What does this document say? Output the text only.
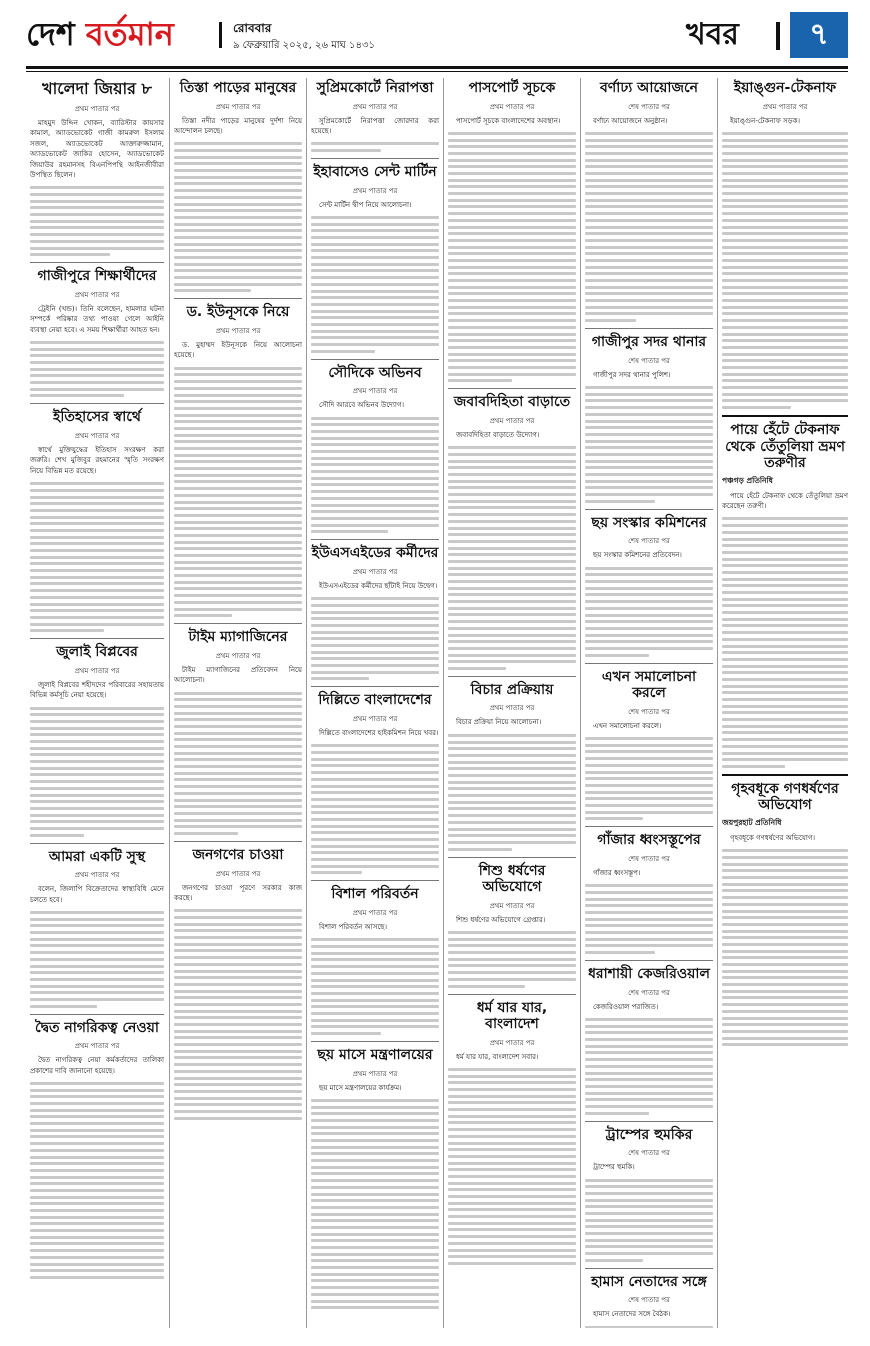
দেশ বর্তমান	রোববার
৯ ফেব্রুয়ারি ২০২৫, ২৬ মাঘ ১৪৩১	খবর	৭
খালেদা জিয়ার ৮
প্রথম পাতার পর

মাহমুদ উদ্দিন খোকন, ব্যারিস্টার কায়সার কামাল, অ্যাডভোকেট গাজী কামরুল ইসলাম সজল, অ্যাডভোকেট আক্তারুজ্জামান, অ্যাডভোকেট জাকির হোসেন, অ্যাডভোকেট জিয়াউর রহমানসহ বিএনপিপন্থি আইনজীবীরা উপস্থিত ছিলেন।

গাজীপুরে শিক্ষার্থীদের
প্রথম পাতার পর

ট্রেইনি (খন্ড)। তিনি বলেছেন, হামলার ঘটনা সম্পর্কে পরিষ্কার তথ্য পাওয়া গেলে আইনি ব্যবস্থা নেয়া হবে। এ সময় শিক্ষার্থীরা আহত হন।

ইতিহাসের স্বার্থে
প্রথম পাতার পর

স্বার্থে মুক্তিযুদ্ধের ইতিহাস সংরক্ষণ করা জরুরি। শেখ মুজিবুর রহমানের স্মৃতি সংরক্ষণ নিয়ে বিভিন্ন মত রয়েছে।

জুলাই বিপ্লবের
প্রথম পাতার পর

জুলাই বিপ্লবের শহীদদের পরিবারের সহায়তায় বিভিন্ন কর্মসূচি নেয়া হয়েছে।

আমরা একটি সুস্থ
প্রথম পাতার পর

বলেন, জিলাপি বিক্রেতাদের স্বাস্থ্যবিধি মেনে চলতে হবে।

দ্বৈত নাগরিকত্ব নেওয়া
প্রথম পাতার পর

দ্বৈত নাগরিকত্ব নেয়া কর্মকর্তাদের তালিকা প্রকাশের দাবি জানানো হয়েছে।

তিস্তা পাড়ের মানুষের
প্রথম পাতার পর

তিস্তা নদীর পাড়ের মানুষের দুর্দশা নিয়ে আন্দোলন চলছে।

ড. ইউনূসকে নিয়ে
প্রথম পাতার পর

ড. মুহাম্মদ ইউনূসকে নিয়ে আলোচনা হয়েছে।

টাইম ম্যাগাজিনের
প্রথম পাতার পর

টাইম ম্যাগাজিনের প্রতিবেদন নিয়ে আলোচনা।

জনগণের চাওয়া
প্রথম পাতার পর

জনগণের চাওয়া পূরণে সরকার কাজ করছে।

সুপ্রিমকোর্টে নিরাপত্তা
প্রথম পাতার পর

সুপ্রিমকোর্টে নিরাপত্তা জোরদার করা হয়েছে।

ইহাবাসেও সেন্ট মার্টিন
প্রথম পাতার পর

সেন্ট মার্টিন দ্বীপ নিয়ে আলোচনা।

সৌদিকে অভিনব
প্রথম পাতার পর

সৌদি আরবে অভিনব উদ্যোগ।

ইউএসএইডের কর্মীদের
প্রথম পাতার পর

ইউএসএইডের কর্মীদের ছাঁটাই নিয়ে উদ্বেগ।

দিল্লিতে বাংলাদেশের
প্রথম পাতার পর

দিল্লিতে বাংলাদেশের হাইকমিশন নিয়ে খবর।

বিশাল পরিবর্তন
প্রথম পাতার পর

বিশাল পরিবর্তন আসছে।

ছয় মাসে মন্ত্রণালয়ের
প্রথম পাতার পর

ছয় মাসে মন্ত্রণালয়ের কার্যক্রম।

পাসপোর্ট সূচকে
প্রথম পাতার পর

পাসপোর্ট সূচকে বাংলাদেশের অবস্থান।

জবাবদিহিতা বাড়াতে
প্রথম পাতার পর

জবাবদিহিতা বাড়াতে উদ্যোগ।

বিচার প্রক্রিয়ায়
প্রথম পাতার পর

বিচার প্রক্রিয়া নিয়ে আলোচনা।

শিশু ধর্ষণের অভিযোগে
প্রথম পাতার পর

শিশু ধর্ষণের অভিযোগে গ্রেপ্তার।

ধর্ম যার যার, বাংলাদেশ
প্রথম পাতার পর

ধর্ম যার যার, বাংলাদেশ সবার।

বর্ণাঢ্য আয়োজনে
শেষ পাতার পর

বর্ণাঢ্য আয়োজনে অনুষ্ঠান।

গাজীপুর সদর থানার
শেষ পাতার পর

গাজীপুর সদর থানার পুলিশ।

ছয় সংস্কার কমিশনের
শেষ পাতার পর

ছয় সংস্কার কমিশনের প্রতিবেদন।

এখন সমালোচনা করলে
শেষ পাতার পর

এখন সমালোচনা করলে।

গাঁজার ধ্বংসস্তূপের
শেষ পাতার পর

গাঁজার ধ্বংসস্তূপ।

ধরাশায়ী কেজরিওয়াল
শেষ পাতার পর

কেজরিওয়াল পরাজিত।

ট্রাম্পের হুমকির
শেষ পাতার পর

ট্রাম্পের হুমকি।

হামাস নেতাদের সঙ্গে
শেষ পাতার পর

হামাস নেতাদের সঙ্গে বৈঠক।

ইয়াঙ্গুন-টেকনাফ
প্রথম পাতার পর

ইয়াঙ্গুন-টেকনাফ সড়ক।

পায়ে হেঁটে টেকনাফ থেকে তেঁতুলিয়া ভ্রমণ তরুণীর
পঞ্চগড় প্রতিনিধি

পায়ে হেঁটে টেকনাফ থেকে তেঁতুলিয়া ভ্রমণ করেছেন তরুণী।

গৃহবধূকে গণধর্ষণের অভিযোগ
জয়পুরহাট প্রতিনিধি

গৃহবধূকে গণধর্ষণের অভিযোগ।
